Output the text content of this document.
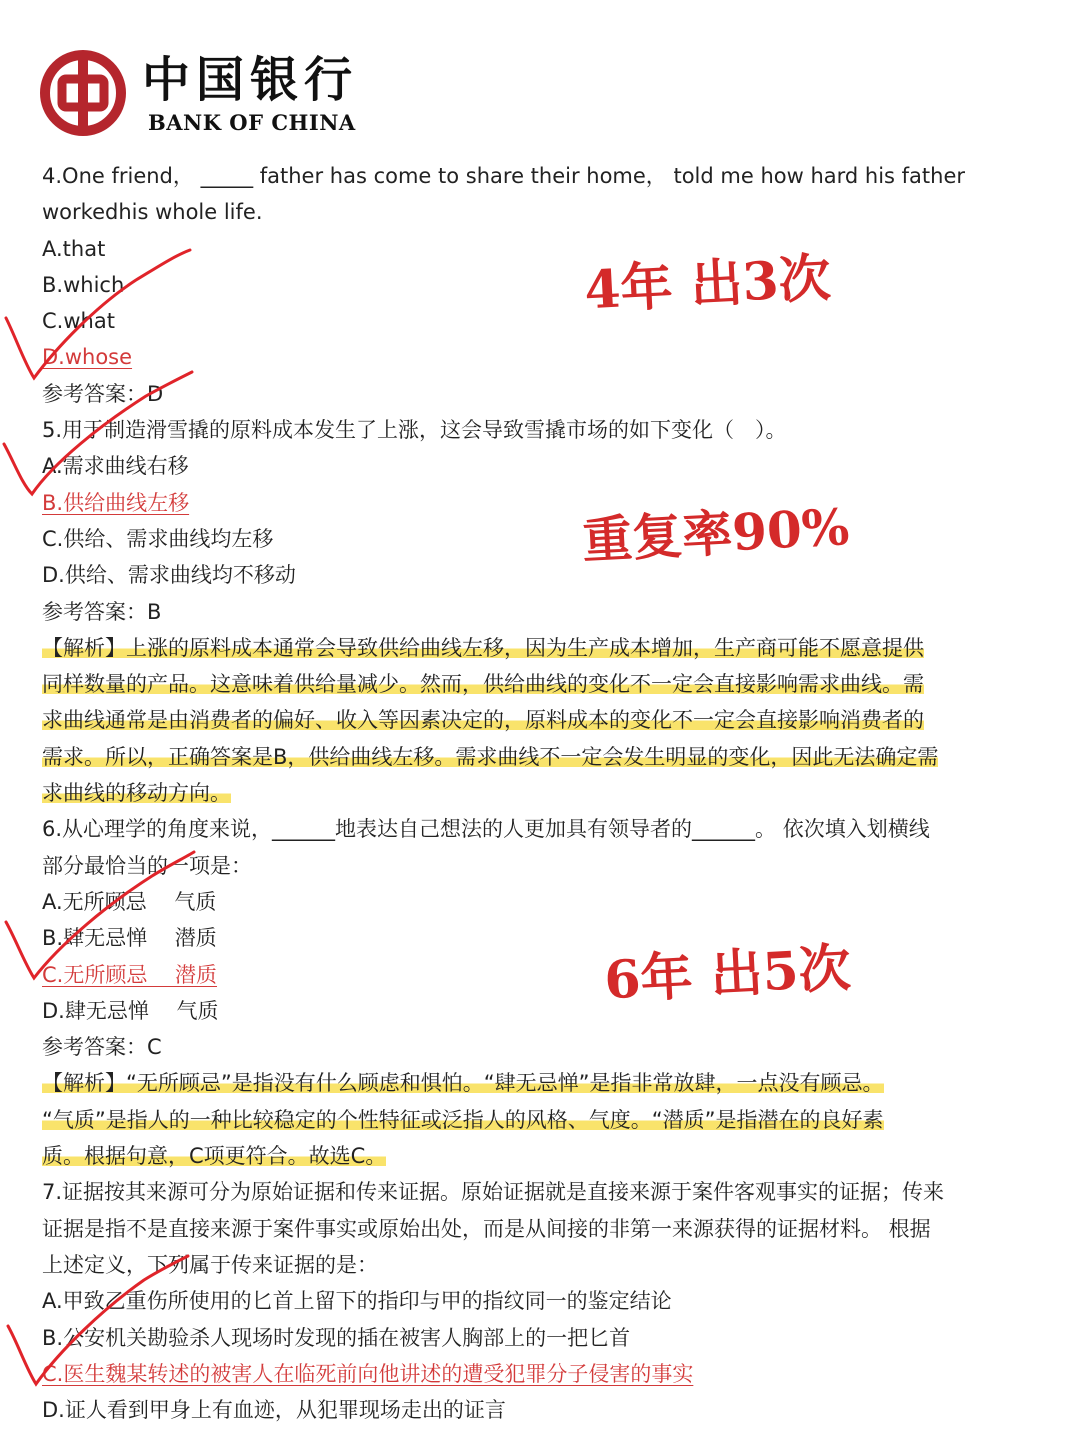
中国银行
BANK OF CHINA
4.One friend， _____ father has come to share their home， told me how hard his father
workedhis whole life.
A.that
B.which
C.what
D.whose
参考答案：D
5.用于制造滑雪撬的原料成本发生了上涨，这会导致雪撬市场的如下变化（　）。
A.需求曲线右移
B.供给曲线左移
C.供给、需求曲线均左移
D.供给、需求曲线均不移动
参考答案：B
【解析】上涨的原料成本通常会导致供给曲线左移，因为生产成本增加，生产商可能不愿意提供
同样数量的产品。这意味着供给量减少。然而，供给曲线的变化不一定会直接影响需求曲线。需
求曲线通常是由消费者的偏好、收入等因素决定的，原料成本的变化不一定会直接影响消费者的
需求。所以，正确答案是B，供给曲线左移。需求曲线不一定会发生明显的变化，因此无法确定需
求曲线的移动方向。
6.从心理学的角度来说，______地表达自己想法的人更加具有领导者的______。 依次填入划横线
部分最恰当的一项是：
A.无所顾忌　 气质
B.肆无忌惮　 潜质
C.无所顾忌　 潜质
D.肆无忌惮　 气质
参考答案：C
【解析】“无所顾忌”是指没有什么顾虑和惧怕。“肆无忌惮”是指非常放肆，一点没有顾忌。
“气质”是指人的一种比较稳定的个性特征或泛指人的风格、气度。“潜质”是指潜在的良好素
质。根据句意，C项更符合。故选C。
7.证据按其来源可分为原始证据和传来证据。原始证据就是直接来源于案件客观事实的证据；传来
证据是指不是直接来源于案件事实或原始出处，而是从间接的非第一来源获得的证据材料。 根据
上述定义，下列属于传来证据的是：
A.甲致乙重伤所使用的匕首上留下的指印与甲的指纹同一的鉴定结论
B.公安机关勘验杀人现场时发现的插在被害人胸部上的一把匕首
C.医生魏某转述的被害人在临死前向他讲述的遭受犯罪分子侵害的事实
D.证人看到甲身上有血迹，从犯罪现场走出的证言
4年 出3次
重复率90%
6年 出5次
